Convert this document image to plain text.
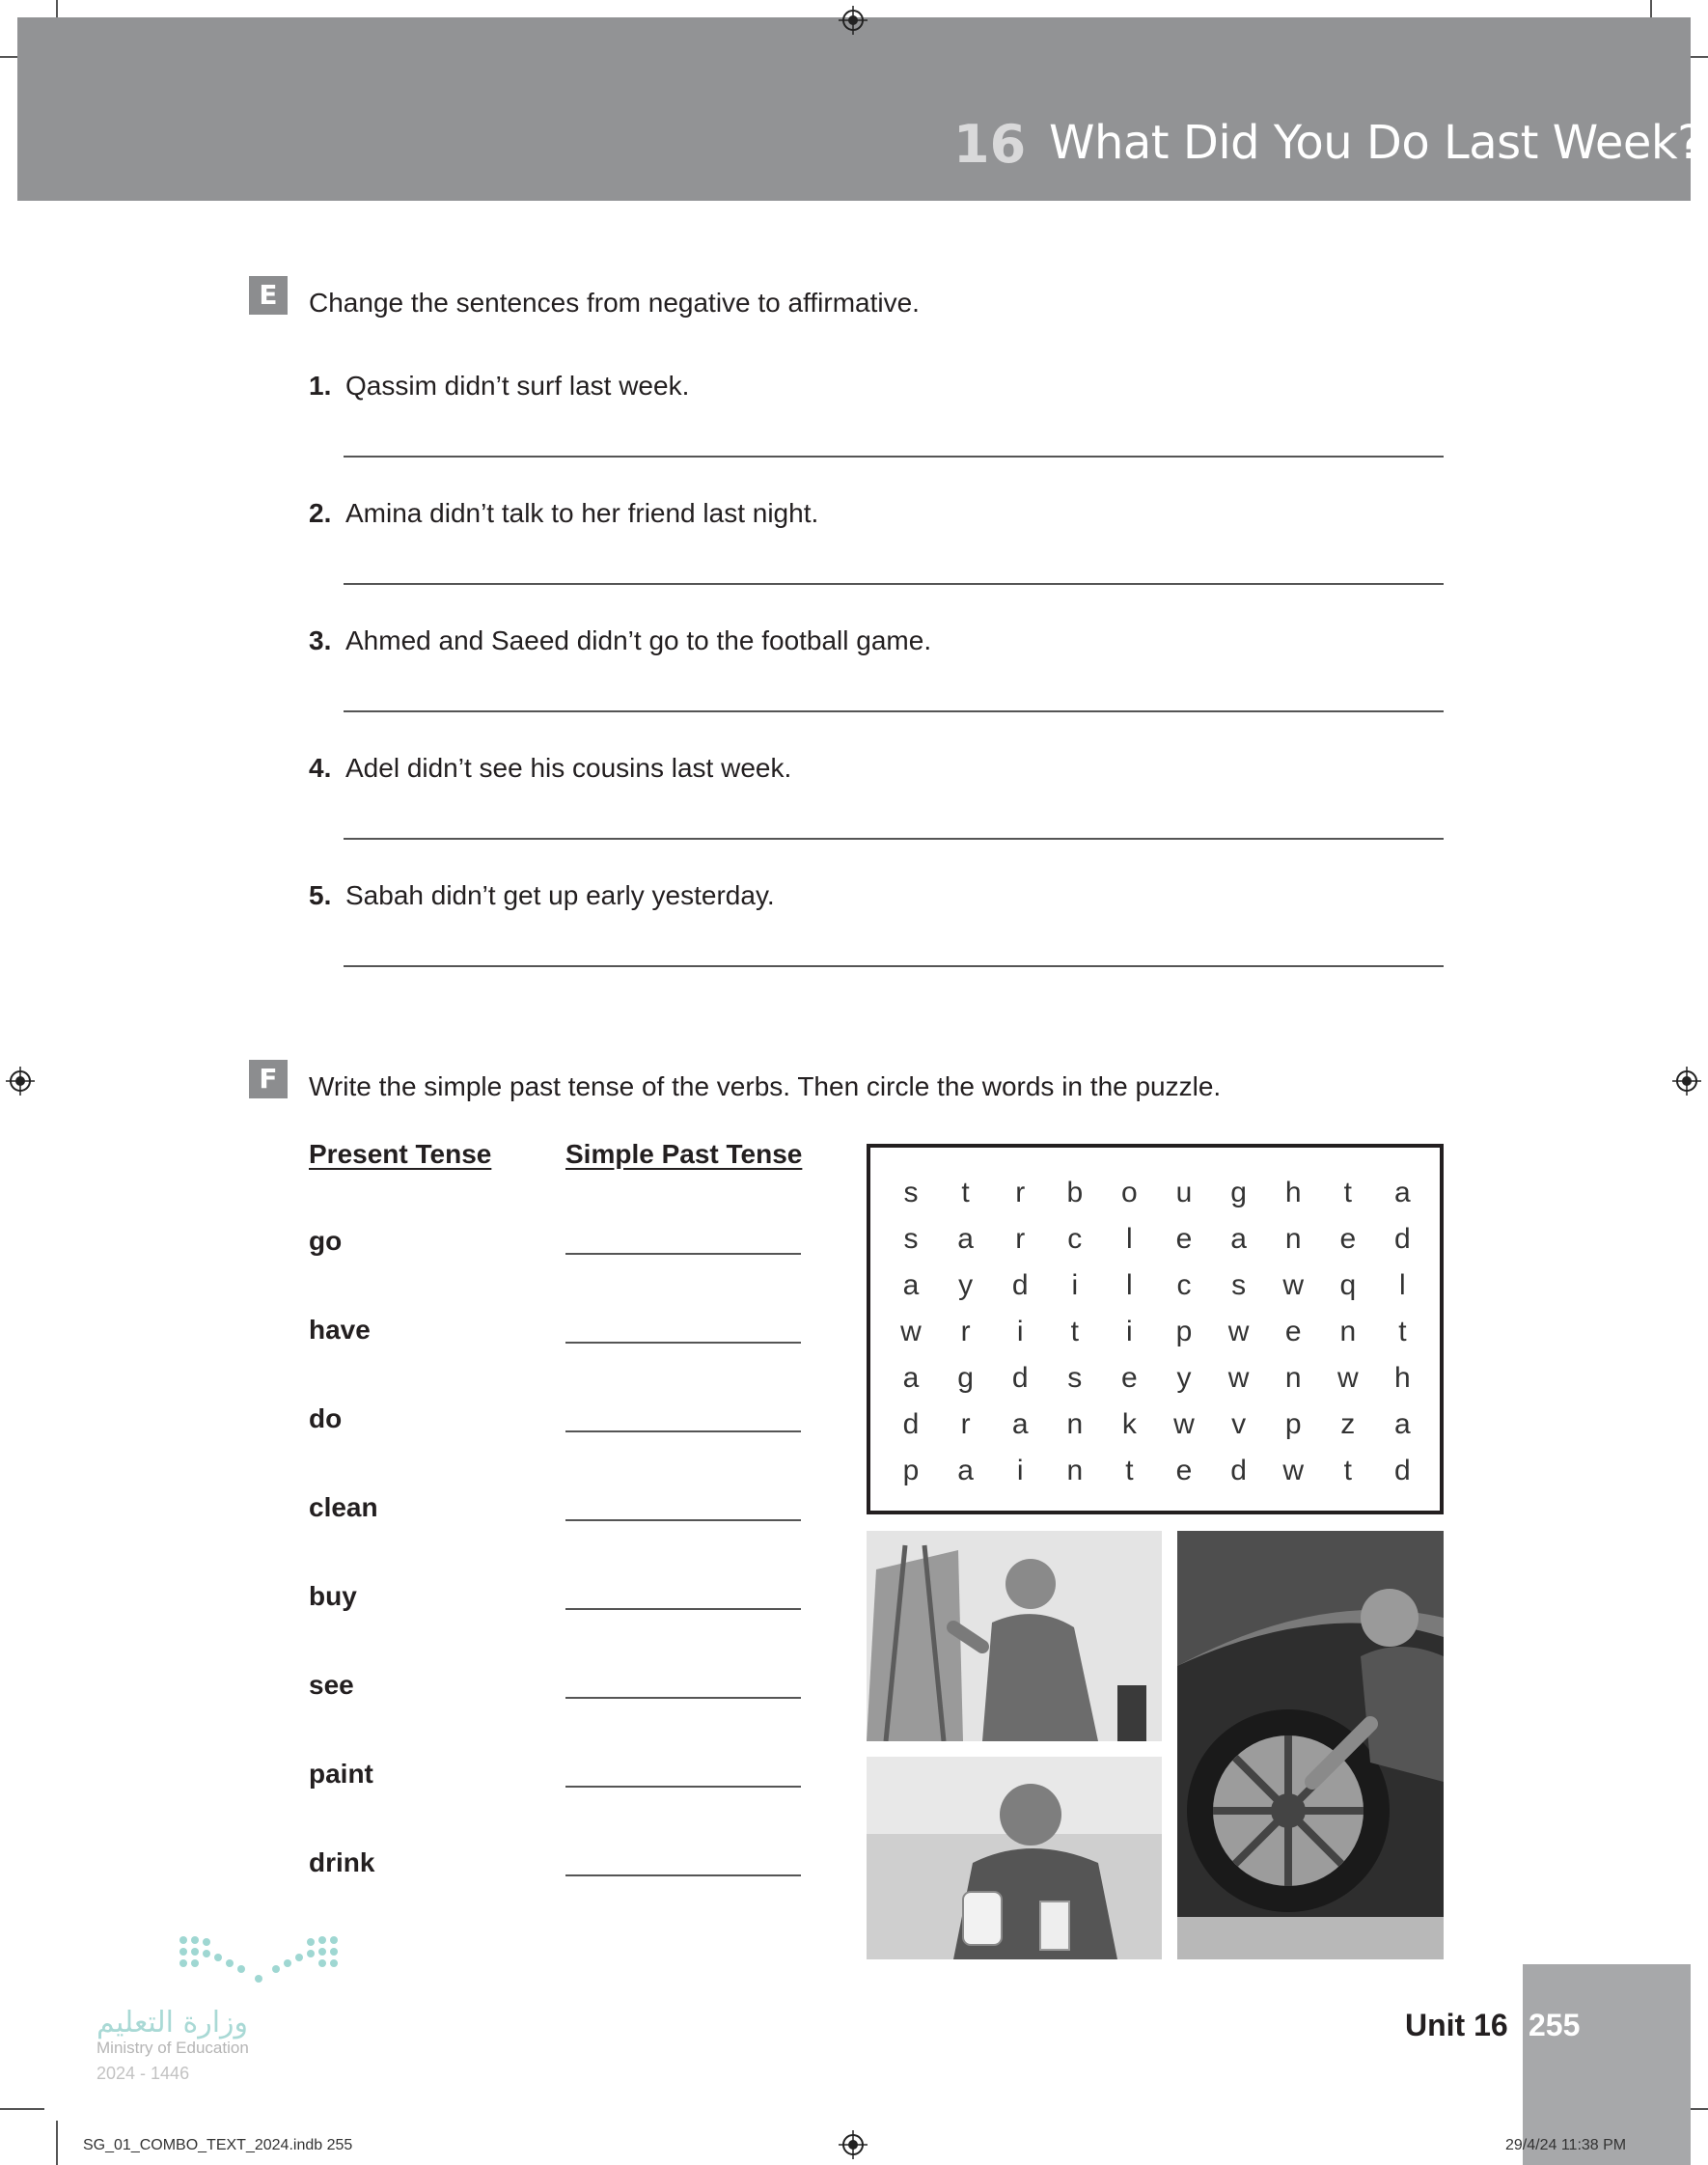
16 What Did You Do Last Week?
E	Change the sentences from negative to affirmative.
1. Qassim didn’t surf last week.
2. Amina didn’t talk to her friend last night.
3. Ahmed and Saeed didn’t go to the football game.
4. Adel didn’t see his cousins last week.
5. Sabah didn’t get up early yesterday.
F	Write the simple past tense of the verbs. Then circle the words in the puzzle.
Present Tense	Simple Past Tense
go
have
do
clean
buy
see
paint
drink
s	t	r	b	o	u	g	h	t	a
s	a	r	c	l	e	a	n	e	d
a	y	d	i	l	c	s	w	q	l
w	r	i	t	i	p	w	e	n	t
a	g	d	s	e	y	w	n	w	h
d	r	a	n	k	w	v	p	z	a
p	a	i	n	t	e	d	w	t	d
Unit 16 255
وزارة التعليم
Ministry of Education
2024 - 1446
SG_01_COMBO_TEXT_2024.indb 255	29/4/24 11:38 PM
